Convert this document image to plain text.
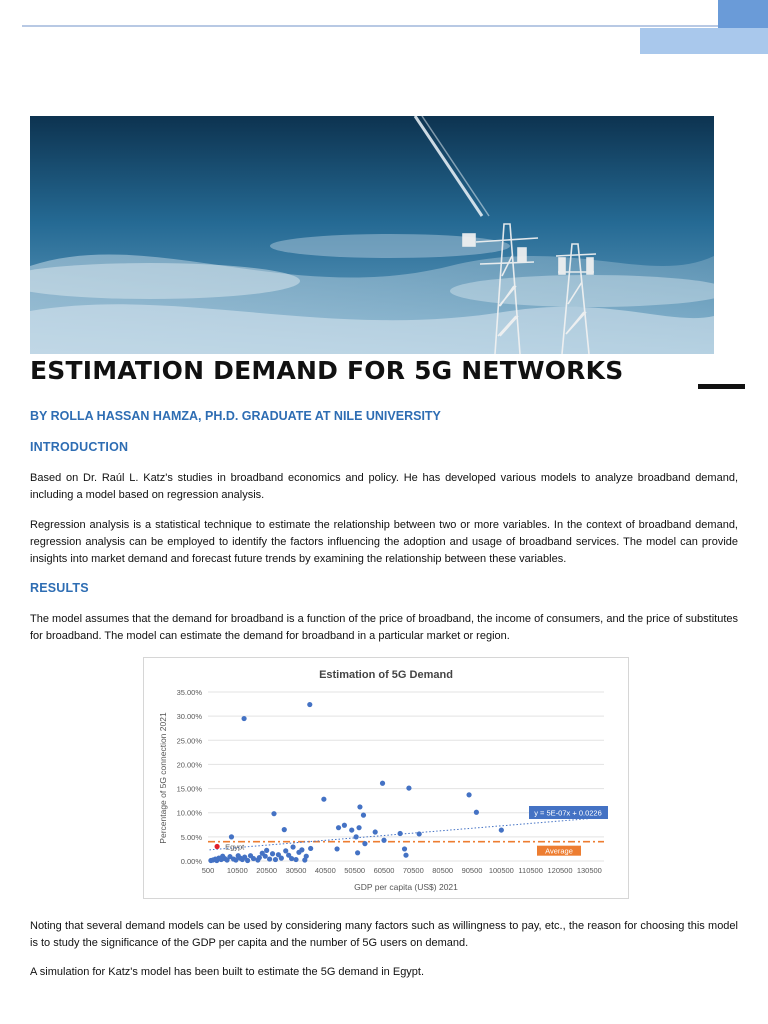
ESTIMATION DEMAND FOR 5G NETWORKS

BY ROLLA HASSAN HAMZA, PH.D. GRADUATE AT NILE UNIVERSITY

INTRODUCTION

Based on Dr. Raúl L. Katz's studies in broadband economics and policy. He has developed various models to analyze broadband demand, including a model based on regression analysis.

Regression analysis is a statistical technique to estimate the relationship between two or more variables. In the context of broadband demand, regression analysis can be employed to identify the factors influencing the adoption and usage of broadband services. The model can provide insights into market demand and forecast future trends by examining the relationship between these variables.

RESULTS

The model assumes that the demand for broadband is a function of the price of broadband, the income of consumers, and the price of substitutes for broadband. The model can estimate the demand for broadband in a particular market or region.

Estimation of 5G Demand
0.00%
5.00%
10.00%
15.00%
20.00%
25.00%
30.00%
35.00%
500 10500 20500 30500 40500 50500 60500 70500 80500 90500 100500 110500 120500 130500
GDP per capita (US$) 2021
Percentage of 5G connection 2021
Average
y = 5E-07x + 0.0226
Egypt

Noting that several demand models can be used by considering many factors such as willingness to pay, etc., the reason for choosing this model is to study the significance of the GDP per capita and the number of 5G users on demand.

A simulation for Katz's model has been built to estimate the 5G demand in Egypt.
